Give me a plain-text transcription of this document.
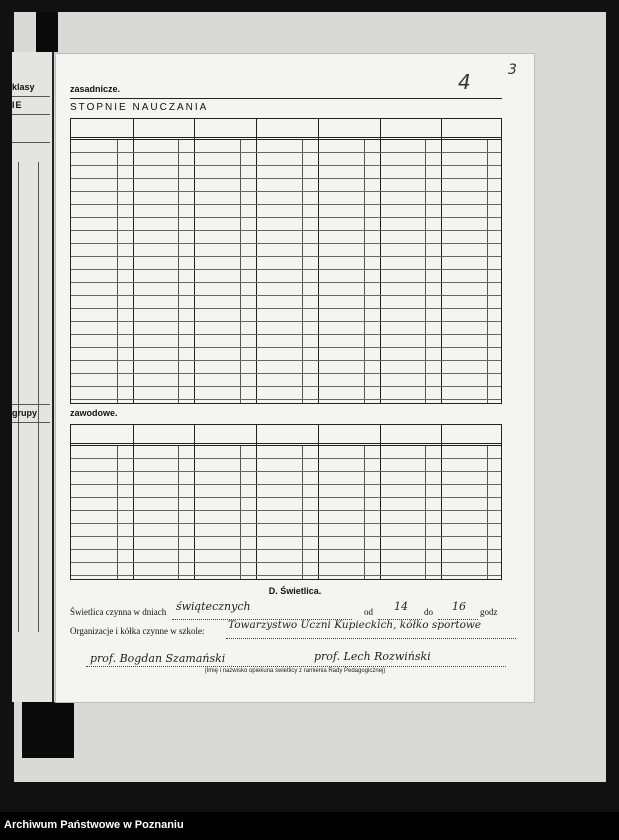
klasy
IE
grupy
4	3
zasadnicze.
STOPNIE NAUCZANIA
zawodowe.
D. Świetlica.
Świetlica czynna w dniach świątecznych	od 14 do 16 godz
Organizacje i kółka czynne w szkole: Towarzystwo Uczni Kupieckich, kółko sportowe
prof. Bogdan Szamański	prof. Lech Rozwiński
(Imię i nazwisko opiekuna świetlicy z ramienia Rady Pedagogicznej)
Archiwum Państwowe w Poznaniu
